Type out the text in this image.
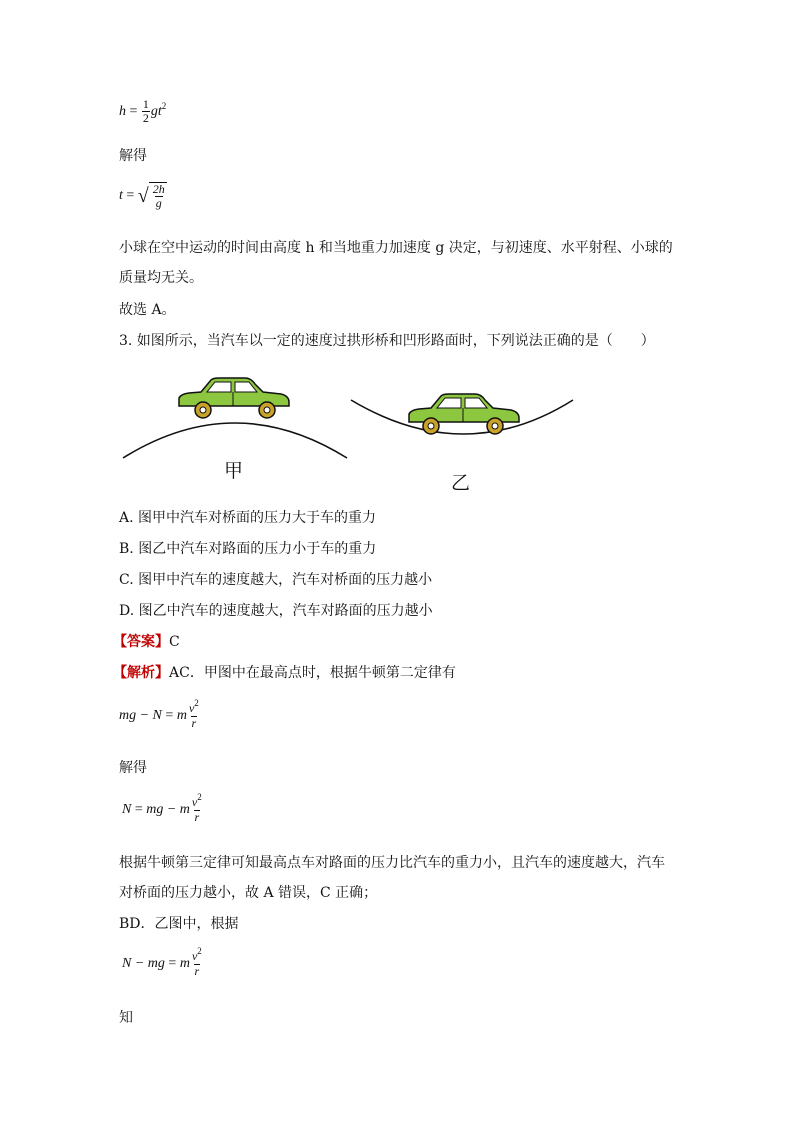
h
=
$\frac{1}{2}$ gt 2
解得
t
=
√ $\frac{2h}{g}$
小球在空中运动的时间由高度 h 和当地重力加速度 g 决定，与初速度、水平射程、小球的
质量均无关。
故选 A。
3. 如图所示，当汽车以一定的速度过拱形桥和凹形路面时，下列说法正确的是（　　）
甲
乙
A. 图甲中汽车对桥面的压力大于车的重力
B. 图乙中汽车对路面的压力小于车的重力
C. 图甲中汽车的速度越大，汽车对桥面的压力越小
D. 图乙中汽车的速度越大，汽车对路面的压力越小
【答案】C
【解析】AC．甲图中在最高点时，根据牛顿第二定律有
mg − N
=
m $\frac{v^2}{r}$
解得
N
=
mg − m $\frac{v^2}{r}$
根据牛顿第三定律可知最高点车对路面的压力比汽车的重力小，且汽车的速度越大，汽车
对桥面的压力越小，故 A 错误，C 正确；
BD．乙图中，根据
N − mg
=
m $\frac{v^2}{r}$
知
